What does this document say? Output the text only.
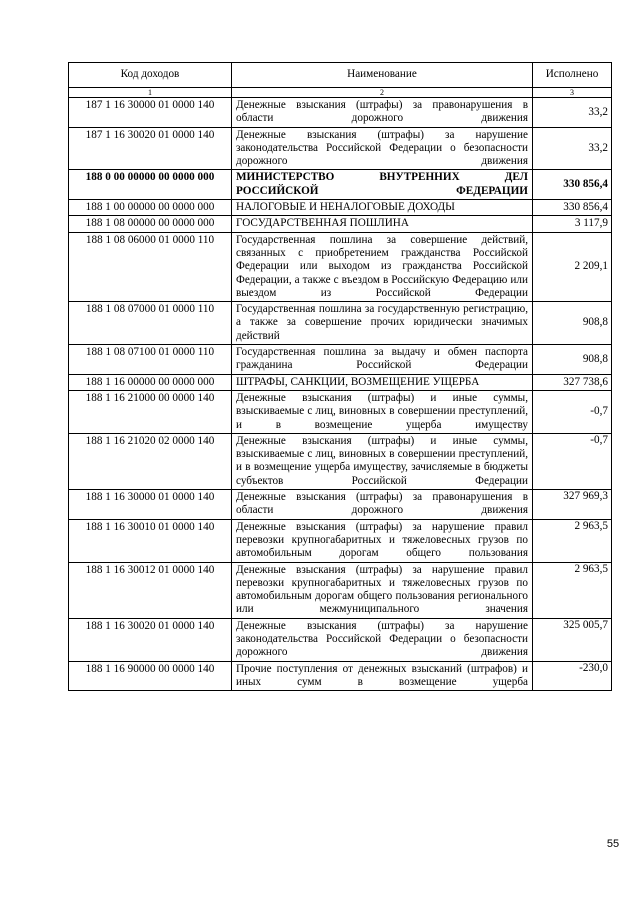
Код доходов	Наименование	Исполнено
1	2	3
187 1 16 30000 01 0000 140	Денежные взыскания (штрафы) за правонарушения в области дорожного движения	33,2
187 1 16 30020 01 0000 140	Денежные взыскания (штрафы) за нарушение законодательства Российской Федерации о безопасности дорожного движения	33,2
188 0 00 00000 00 0000 000	МИНИСТЕРСТВО ВНУТРЕННИХ ДЕЛ РОССИЙСКОЙ ФЕДЕРАЦИИ	330 856,4
188 1 00 00000 00 0000 000	НАЛОГОВЫЕ И НЕНАЛОГОВЫЕ ДОХОДЫ	330 856,4
188 1 08 00000 00 0000 000	ГОСУДАРСТВЕННАЯ ПОШЛИНА	3 117,9
188 1 08 06000 01 0000 110	Государственная пошлина за совершение действий, связанных с приобретением гражданства Российской Федерации или выходом из гражданства Российской Федерации, а также с въездом в Российскую Федерацию или выездом из Российской Федерации	2 209,1
188 1 08 07000 01 0000 110	Государственная пошлина за государственную регистрацию, а также за совершение прочих юридически значимых действий	908,8
188 1 08 07100 01 0000 110	Государственная пошлина за выдачу и обмен паспорта гражданина Российской Федерации	908,8
188 1 16 00000 00 0000 000	ШТРАФЫ, САНКЦИИ, ВОЗМЕЩЕНИЕ УЩЕРБА	327 738,6
188 1 16 21000 00 0000 140	Денежные взыскания (штрафы) и иные суммы, взыскиваемые с лиц, виновных в совершении преступлений, и в возмещение ущерба имуществу	-0,7
188 1 16 21020 02 0000 140	Денежные взыскания (штрафы) и иные суммы, взыскиваемые с лиц, виновных в совершении преступлений, и в возмещение ущерба имуществу, зачисляемые в бюджеты субъектов Российской Федерации	-0,7
188 1 16 30000 01 0000 140	Денежные взыскания (штрафы) за правонарушения в области дорожного движения	327 969,3
188 1 16 30010 01 0000 140	Денежные взыскания (штрафы) за нарушение правил перевозки крупногабаритных и тяжеловесных грузов по автомобильным дорогам общего пользования	2 963,5
188 1 16 30012 01 0000 140	Денежные взыскания (штрафы) за нарушение правил перевозки крупногабаритных и тяжеловесных грузов по автомобильным дорогам общего пользования регионального или межмуниципального значения	2 963,5
188 1 16 30020 01 0000 140	Денежные взыскания (штрафы) за нарушение законодательства Российской Федерации о безопасности дорожного движения	325 005,7
188 1 16 90000 00 0000 140	Прочие поступления от денежных взысканий (штрафов) и иных сумм в возмещение ущерба	-230,0
55
